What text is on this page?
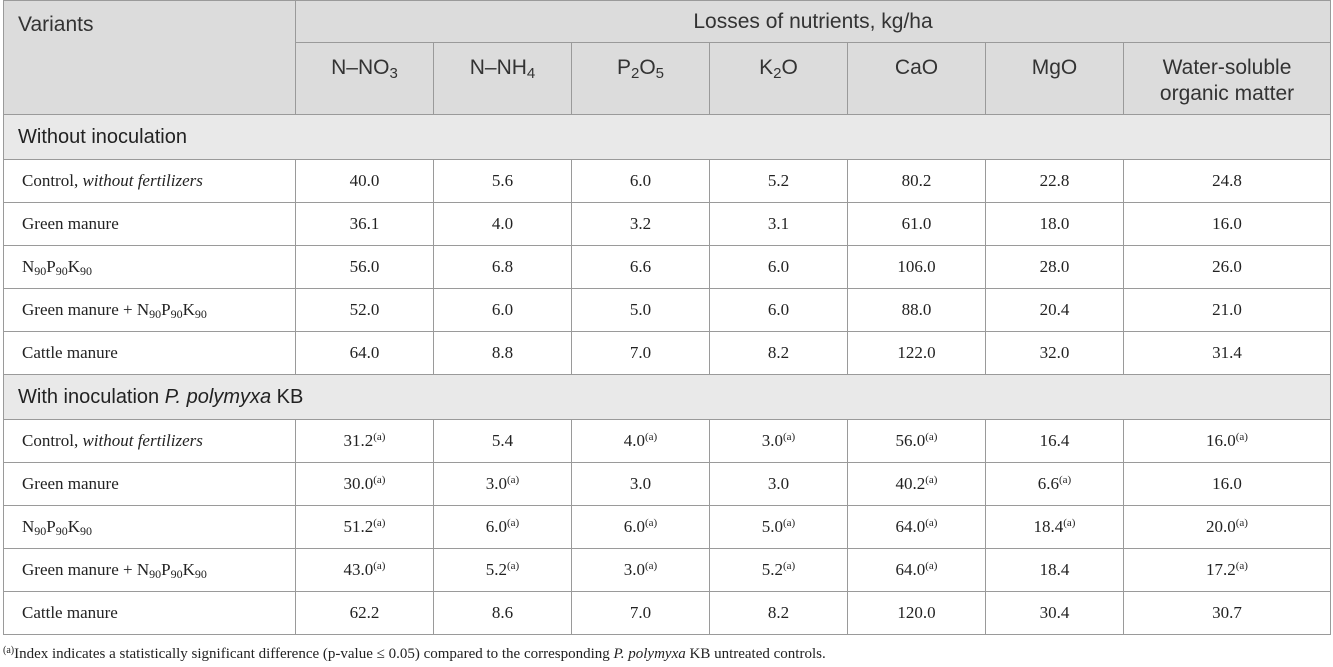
Variants	Losses of nutrients, kg/ha						
	$N-NO_3$	$N-NH_4$	$P_2O_5$	$K_2O$	CaO	MgO	Water-soluble organic matter
Without inoculation							
Control, without fertilizers	40.0	5.6	6.0	5.2	80.2	22.8	24.8
Green manure	36.1	4.0	3.2	3.1	61.0	18.0	16.0
$N_{90}P_{90}K_{90}$	56.0	6.8	6.6	6.0	106.0	28.0	26.0
Green manure + $N_{90}P_{90}K_{90}$	52.0	6.0	5.0	6.0	88.0	20.4	21.0
Cattle manure	64.0	8.8	7.0	8.2	122.0	32.0	31.4
With inoculation P. polymyxa KB							
Control, without fertilizers	31.2$^{(a)}$	5.4	4.0$^{(a)}$	3.0$^{(a)}$	56.0$^{(a)}$	16.4	16.0$^{(a)}$
Green manure	30.0$^{(a)}$	3.0$^{(a)}$	3.0	3.0	40.2$^{(a)}$	6.6$^{(a)}$	16.0
$N_{90}P_{90}K_{90}$	51.2$^{(a)}$	6.0$^{(a)}$	6.0$^{(a)}$	5.0$^{(a)}$	64.0$^{(a)}$	18.4$^{(a)}$	20.0$^{(a)}$
Green manure + $N_{90}P_{90}K_{90}$	43.0$^{(a)}$	5.2$^{(a)}$	3.0$^{(a)}$	5.2$^{(a)}$	64.0$^{(a)}$	18.4	17.2$^{(a)}$
Cattle manure	62.2	8.6	7.0	8.2	120.0	30.4	30.7
$^{(a)}$Index indicates a statistically significant difference (p-value ≤ 0.05) compared to the corresponding P. polymyxa KB untreated controls.
